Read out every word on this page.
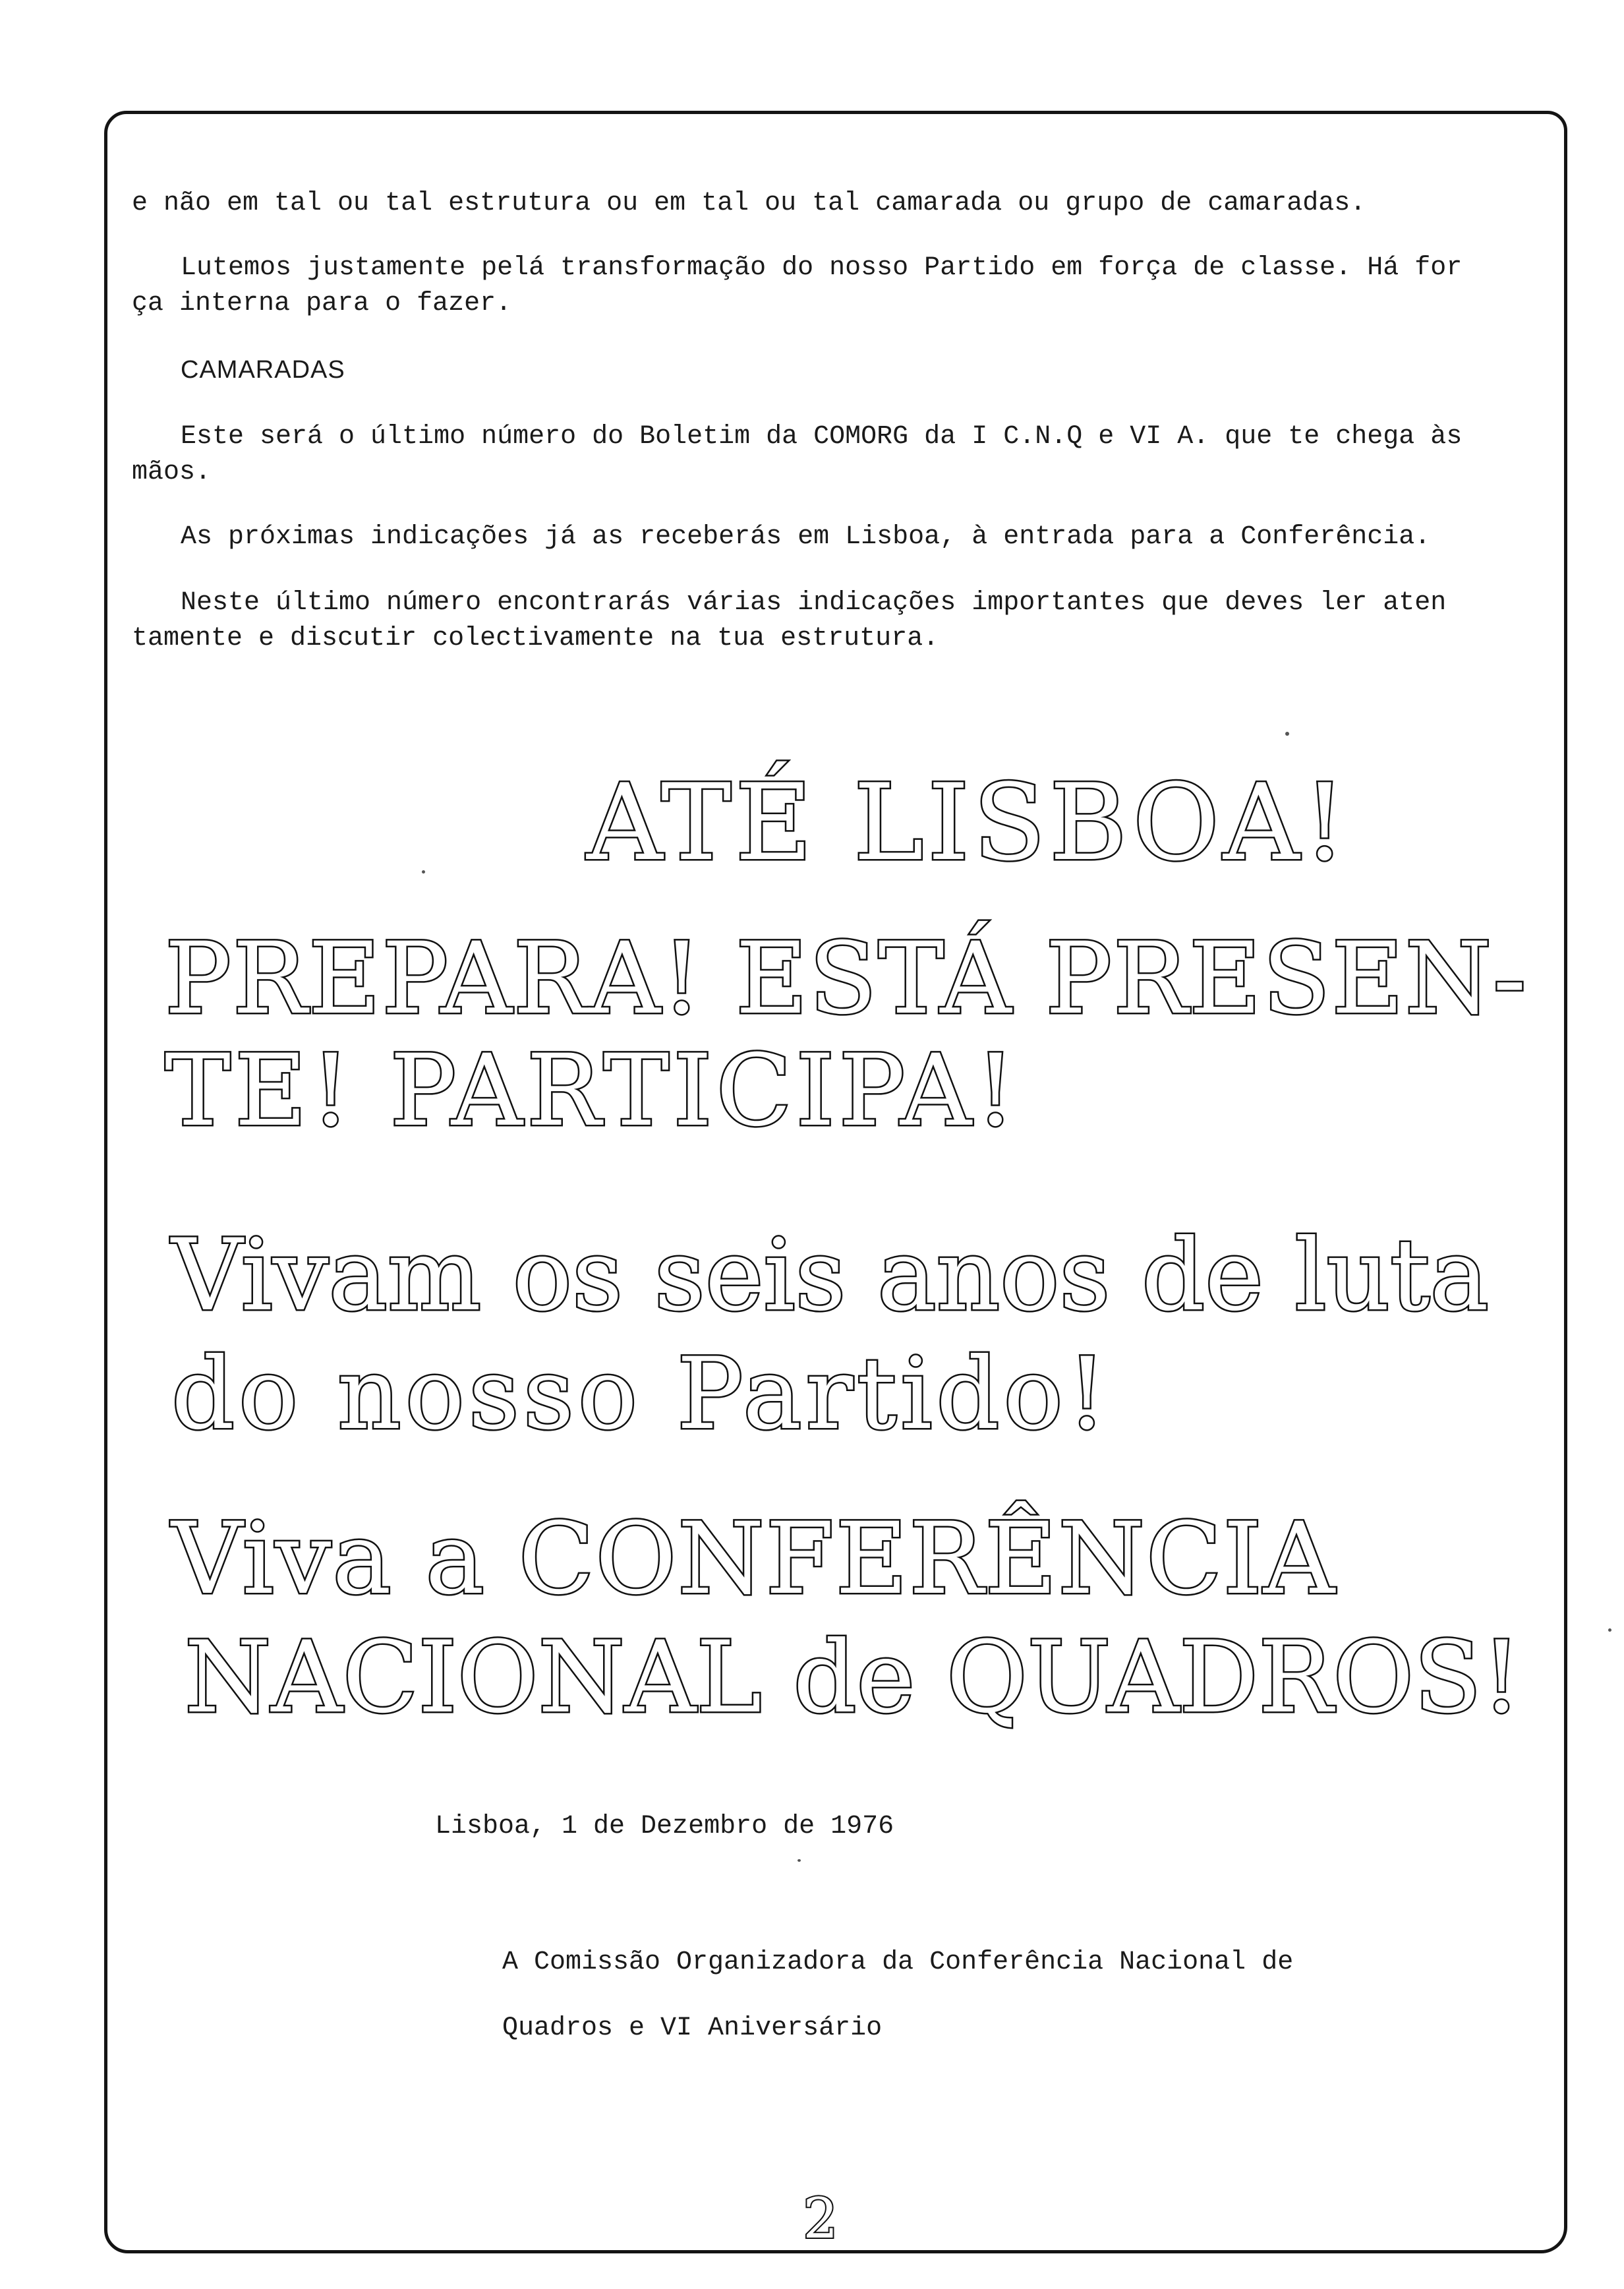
e não em tal ou tal estrutura ou em tal ou tal camarada ou grupo de camaradas.
Lutemos justamente pelá transformação do nosso Partido em força de classe. Há for
ça interna para o fazer.
CAMARADAS
Este será o último número do Boletim da COMORG da I C.N.Q e VI A. que te chega às
mãos.
As próximas indicações já as receberás em Lisboa, à entrada para a Conferência.
Neste último número encontrarás várias indicações importantes que deves ler aten
tamente e discutir colectivamente na tua estrutura.
ATÉ LISBOA!
PREPARA! ESTÁ PRESEN-
TE! PARTICIPA!
Vivam os seis anos de luta
do nosso Partido!
Viva a CONFERÊNCIA
NACIONAL de QUADROS!
Lisboa, 1 de Dezembro de 1976
A Comissão Organizadora da Conferência Nacional de
Quadros e VI Aniversário
2
